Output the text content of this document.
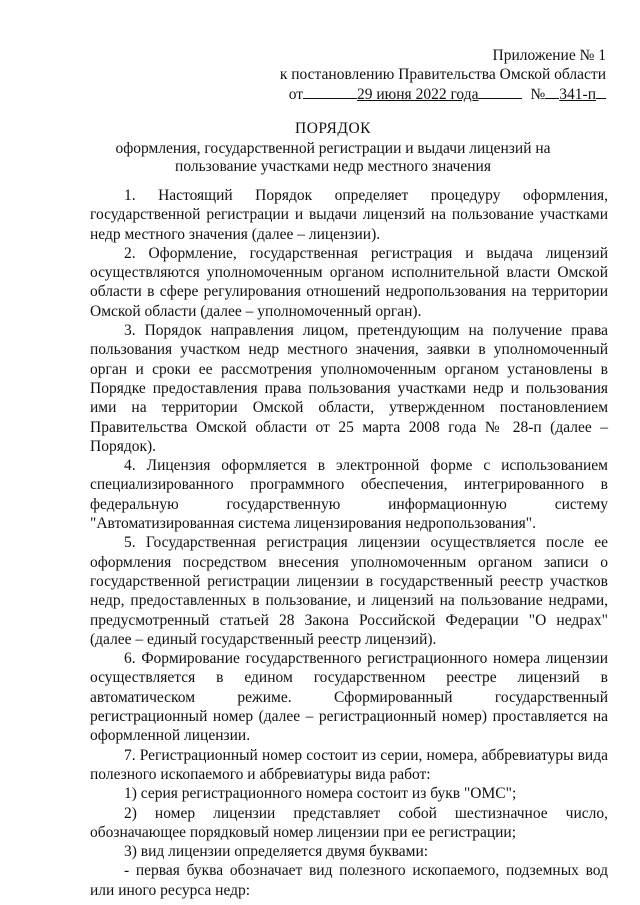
Приложение № 1
к постановлению Правительства Омской области
от	29 июня 2022 года	№ 341-п
ПОРЯДОК
оформления, государственной регистрации и выдачи лицензий на
пользование участками недр местного значения

1. Настоящий Порядок определяет процедуру оформления, государственной регистрации и выдачи лицензий на пользование участками недр местного значения (далее – лицензии).

2. Оформление, государственная регистрация и выдача лицензий осуществляются уполномоченным органом исполнительной власти Омской области в сфере регулирования отношений недропользования на территории Омской области (далее – уполномоченный орган).

3. Порядок направления лицом, претендующим на получение права пользования участком недр местного значения, заявки в уполномоченный орган и сроки ее рассмотрения уполномоченным органом установлены в Порядке предоставления права пользования участками недр и пользования ими на территории Омской области, утвержденном постановлением Правительства Омской области от 25 марта 2008 года № 28-п (далее – Порядок).

4. Лицензия оформляется в электронной форме с использованием специализированного программного обеспечения, интегрированного в федеральную государственную информационную систему "Автоматизированная система лицензирования недропользования".

5. Государственная регистрация лицензии осуществляется после ее оформления посредством внесения уполномоченным органом записи о государственной регистрации лицензии в государственный реестр участков недр, предоставленных в пользование, и лицензий на пользование недрами, предусмотренный статьей 28 Закона Российской Федерации "О недрах" (далее – единый государственный реестр лицензий).

6. Формирование государственного регистрационного номера лицензии осуществляется в едином государственном реестре лицензий в автоматическом режиме. Сформированный государственный регистрационный номер (далее – регистрационный номер) проставляется на оформленной лицензии.

7. Регистрационный номер состоит из серии, номера, аббревиатуры вида полезного ископаемого и аббревиатуры вида работ:

1) серия регистрационного номера состоит из букв "ОМС";

2) номер лицензии представляет собой шестизначное число, обозначающее порядковый номер лицензии при ее регистрации;

3) вид лицензии определяется двумя буквами:

- первая буква обозначает вид полезного ископаемого, подземных вод или иного ресурса недр:
